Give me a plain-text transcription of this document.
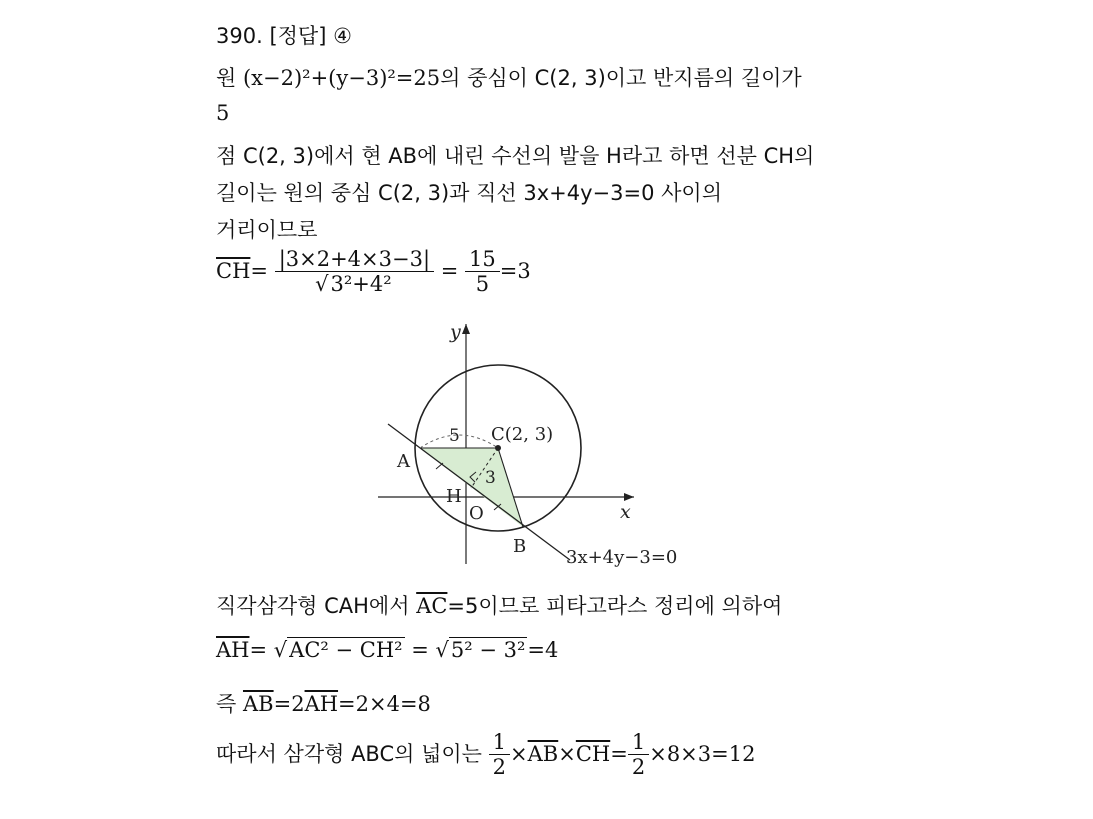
390. [정답] ④
원 (x−2)²+(y−3)²=25의 중심이 C(2, 3)이고 반지름의 길이가
5
점 C(2, 3)에서 현 AB에 내린 수선의 발을 H라고 하면 선분 CH의
길이는 원의 중심 C(2, 3)과 직선 3x+4y−3=0 사이의
거리이므로
$\overline{CH}= \frac{|3\times 2+4\times 3-3|}{\text{√3²+4²}} = \frac{15}{5} =3$
y
x
O
A
B
H
C(2, 3)
5
3
3x+4y−3=0
직각삼각형 CAH에서 $\overline{AC}=5$이므로 피타고라스 정리에 의하여
$\overline{AH}= √AC^2 - CH^2 = √5^2 - 3^2=4$
즉 $\overline{AB}=2\overline{AH}=2\times 4=8$
따라서 삼각형 ABC의 넓이는 $\frac{1}{2} \times\overline{AB}\times\overline{CH}= \frac{1}{2} \times 8\times 3=12$
